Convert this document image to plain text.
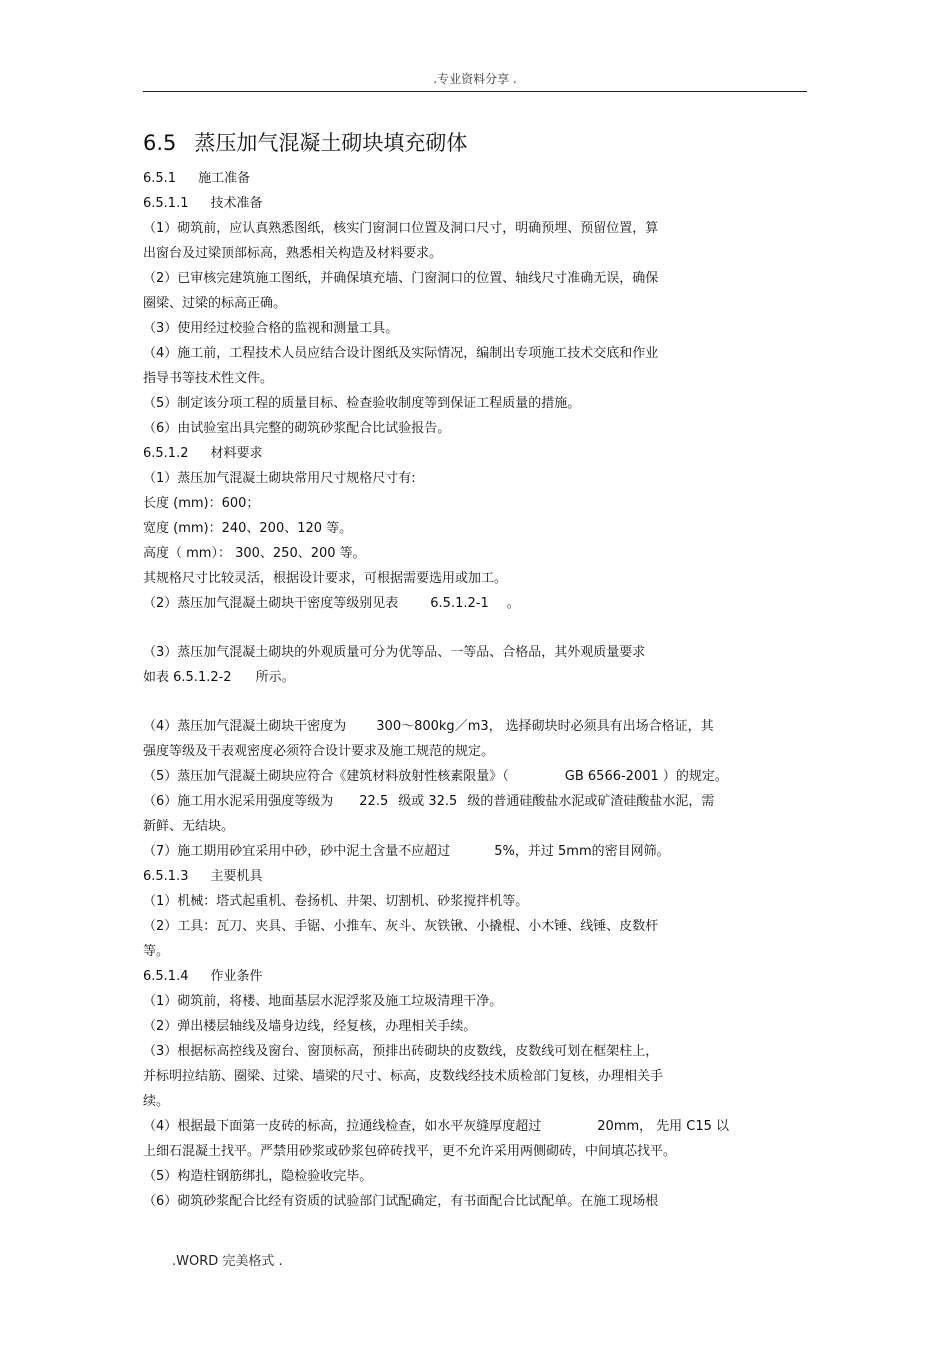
.专业资料分享 .
6.5 蒸压加气混凝土砌块填充砌体
6.5.1 施工准备
6.5.1.1 技术准备
（1）砌筑前，应认真熟悉图纸，核实门窗洞口位置及洞口尺寸，明确预埋、预留位置，算
出窗台及过梁顶部标高，熟悉相关构造及材料要求。
（2）已审核完建筑施工图纸，并确保填充墙、门窗洞口的位置、轴线尺寸准确无误，确保
圈梁、过梁的标高正确。
（3）使用经过校验合格的监视和测量工具。
（4）施工前，工程技术人员应结合设计图纸及实际情况，编制出专项施工技术交底和作业
指导书等技术性文件。
（5）制定该分项工程的质量目标、检查验收制度等到保证工程质量的措施。
（6）由试验室出具完整的砌筑砂浆配合比试验报告。
6.5.1.2 材料要求
（1）蒸压加气混凝土砌块常用尺寸规格尺寸有:
长度 (mm)：600；
宽度 (mm)：240、200、120 等。
高度（ mm）： 300、250、200 等。
其规格尺寸比较灵活，根据设计要求，可根据需要选用或加工。
（2）蒸压加气混凝土砌块干密度等级别见表 6.5.1.2-1 。
（3）蒸压加气混凝土砌块的外观质量可分为优等品、一等品、合格品，其外观质量要求
如表 6.5.1.2-2 所示。
（4）蒸压加气混凝土砌块干密度为 300～800kg／m3， 选择砌块时必须具有出场合格证，其
强度等级及干表观密度必须符合设计要求及施工规范的规定。
（5）蒸压加气混凝土砌块应符合《建筑材料放射性核素限量》（	GB 6566-2001 ）的规定。
（6）施工用水泥采用强度等级为 22.5 级或 32.5 级的普通硅酸盐水泥或矿渣硅酸盐水泥，需
新鲜、无结块。
（7）施工期用砂宜采用中砂，砂中泥土含量不应超过	5%，并过 5mm的密目网筛。
6.5.1.3 主要机具
（1）机械：塔式起重机、卷扬机、井架、切割机、砂浆搅拌机等。
（2）工具：瓦刀、夹具、手锯、小推车、灰斗、灰铁锹、小撬棍、小木锤、线锤、皮数杆
等。
6.5.1.4 作业条件
（1）砌筑前，将楼、地面基层水泥浮浆及施工垃圾清理干净。
（2）弹出楼层轴线及墙身边线，经复核，办理相关手续。
（3）根据标高控线及窗台、窗顶标高，预排出砖砌块的皮数线，皮数线可划在框架柱上，
并标明拉结筋、圈梁、过梁、墙梁的尺寸、标高，皮数线经技术质检部门复核，办理相关手
续。
（4）根据最下面第一皮砖的标高，拉通线检查，如水平灰缝厚度超过	20mm， 先用 C15 以
上细石混凝土找平。严禁用砂浆或砂浆包碎砖找平，更不允许采用两侧砌砖，中间填芯找平。
（5）构造柱钢筋绑扎，隐检验收完毕。
（6）砌筑砂浆配合比经有资质的试验部门试配确定，有书面配合比试配单。在施工现场根
.WORD 完美格式 .
